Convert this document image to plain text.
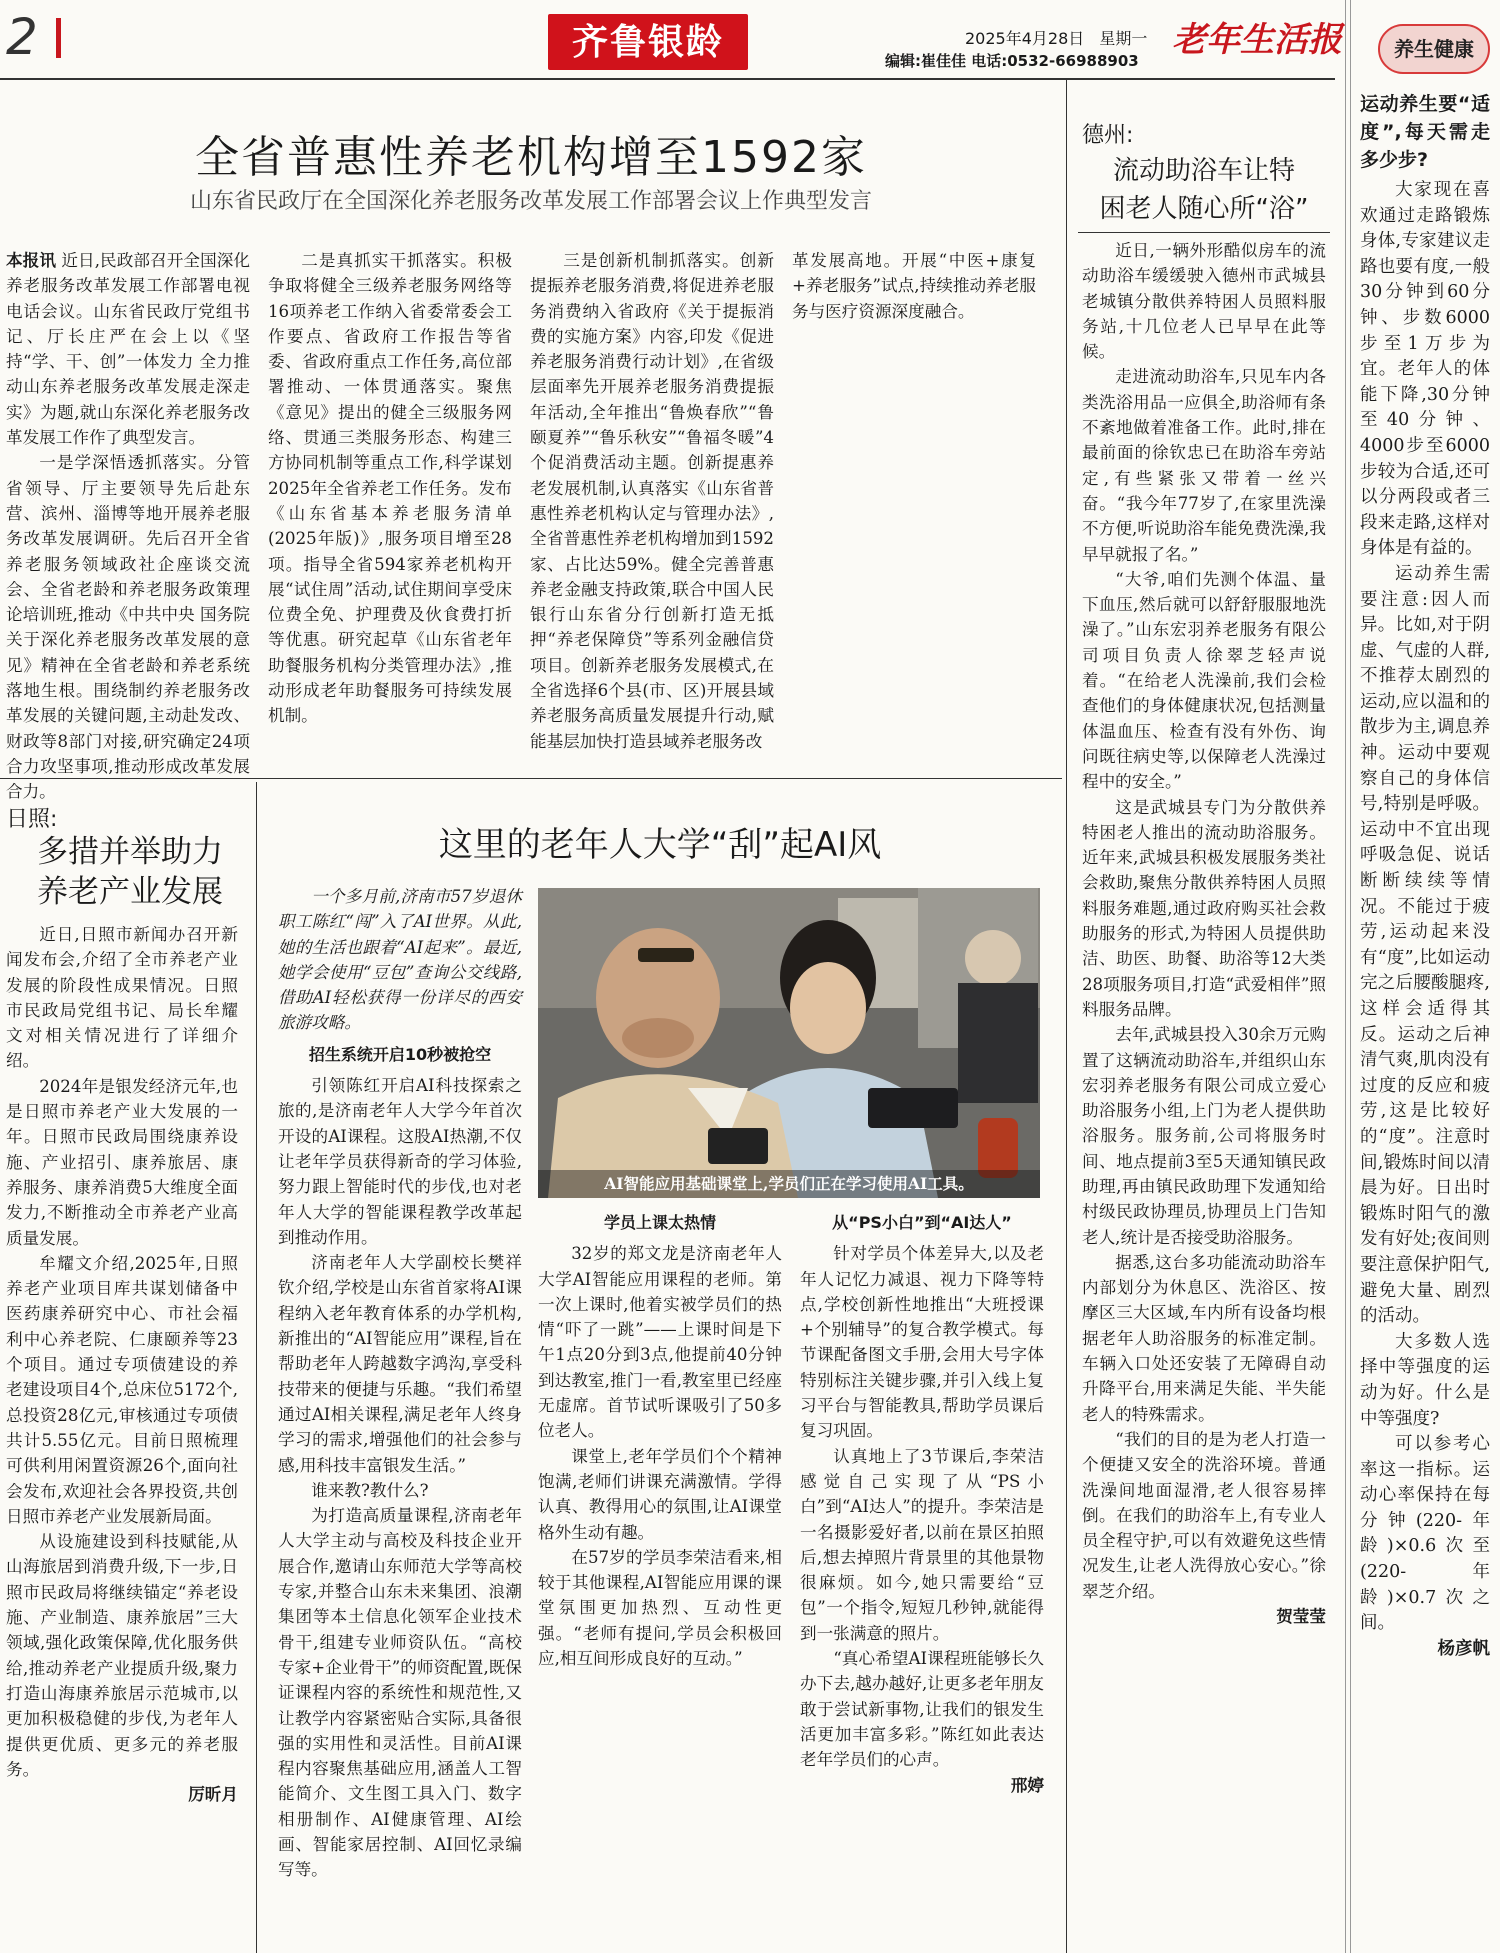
2	齐鲁银龄	2025年4月28日 星期一
编辑:崔佳佳 电话:0532-66988903
老年生活报	养生健康
全省普惠性养老机构增至1592家
山东省民政厅在全国深化养老服务改革发展工作部署会议上作典型发言

本报讯 近日,民政部召开全国深化养老服务改革发展工作部署电视电话会议。山东省民政厅党组书记、厅长庄严在会上以《坚持“学、干、创”一体发力 全力推动山东养老服务改革发展走深走实》为题,就山东深化养老服务改革发展工作作了典型发言。

一是学深悟透抓落实。分管省领导、厅主要领导先后赴东营、滨州、淄博等地开展养老服务改革发展调研。先后召开全省养老服务领域政社企座谈交流会、全省老龄和养老服务政策理论培训班,推动《中共中央 国务院关于深化养老服务改革发展的意见》精神在全省老龄和养老系统落地生根。围绕制约养老服务改革发展的关键问题,主动赴发改、财政等8部门对接,研究确定24项合力攻坚事项,推动形成改革发展合力。

二是真抓实干抓落实。积极争取将健全三级养老服务网络等16项养老工作纳入省委常委会工作要点、省政府工作报告等省委、省政府重点工作任务,高位部署推动、一体贯通落实。聚焦《意见》提出的健全三级服务网络、贯通三类服务形态、构建三方协同机制等重点工作,科学谋划2025年全省养老工作任务。发布《山东省基本养老服务清单(2025年版)》,服务项目增至28项。指导全省594家养老机构开展“试住周”活动,试住期间享受床位费全免、护理费及伙食费打折等优惠。研究起草《山东省老年助餐服务机构分类管理办法》,推动形成老年助餐服务可持续发展机制。

三是创新机制抓落实。创新提振养老服务消费,将促进养老服务消费纳入省政府《关于提振消费的实施方案》内容,印发《促进养老服务消费行动计划》,在省级层面率先开展养老服务消费提振年活动,全年推出“鲁焕春欣”“鲁颐夏养”“鲁乐秋安”“鲁福冬暖”4个促消费活动主题。创新提惠养老发展机制,认真落实《山东省普惠性养老机构认定与管理办法》,全省普惠性养老机构增加到1592家、占比达59%。健全完善普惠养老金融支持政策,联合中国人民银行山东省分行创新打造无抵押“养老保障贷”等系列金融信贷项目。创新养老服务发展模式,在全省选择6个县(市、区)开展县域养老服务高质量发展提升行动,赋能基层加快打造县域养老服务改

革发展高地。开展“中医+康复+养老服务”试点,持续推动养老服务与医疗资源深度融合。

日照:
多措并举助力
养老产业发展

近日,日照市新闻办召开新闻发布会,介绍了全市养老产业发展的阶段性成果情况。日照市民政局党组书记、局长牟耀文对相关情况进行了详细介绍。

2024年是银发经济元年,也是日照市养老产业大发展的一年。日照市民政局围绕康养设施、产业招引、康养旅居、康养服务、康养消费5大维度全面发力,不断推动全市养老产业高质量发展。

牟耀文介绍,2025年,日照养老产业项目库共谋划储备中医药康养研究中心、市社会福利中心养老院、仁康颐养等23个项目。通过专项债建设的养老建设项目4个,总床位5172个,总投资28亿元,审核通过专项债共计5.55亿元。目前日照梳理可供利用闲置资源26个,面向社会发布,欢迎社会各界投资,共创日照市养老产业发展新局面。

从设施建设到科技赋能,从山海旅居到消费升级,下一步,日照市民政局将继续锚定“养老设施、产业制造、康养旅居”三大领域,强化政策保障,优化服务供给,推动养老产业提质升级,聚力打造山海康养旅居示范城市,以更加积极稳健的步伐,为老年人提供更优质、更多元的养老服务。

厉昕月

这里的老年人大学“刮”起AI风

一个多月前,济南市57岁退休职工陈红“闯”入了AI世界。从此,她的生活也跟着“AI起来”。最近,她学会使用“豆包”查询公交线路,借助AI轻松获得一份详尽的西安旅游攻略。

招生系统开启10秒被抢空

引领陈红开启AI科技探索之旅的,是济南老年人大学今年首次开设的AI课程。这股AI热潮,不仅让老年学员获得新奇的学习体验,努力跟上智能时代的步伐,也对老年人大学的智能课程教学改革起到推动作用。

济南老年人大学副校长樊祥钦介绍,学校是山东省首家将AI课程纳入老年教育体系的办学机构,新推出的“AI智能应用”课程,旨在帮助老年人跨越数字鸿沟,享受科技带来的便捷与乐趣。“我们希望通过AI相关课程,满足老年人终身学习的需求,增强他们的社会参与感,用科技丰富银发生活。”

谁来教?教什么?

为打造高质量课程,济南老年人大学主动与高校及科技企业开展合作,邀请山东师范大学等高校专家,并整合山东未来集团、浪潮集团等本土信息化领军企业技术骨干,组建专业师资队伍。“高校专家+企业骨干”的师资配置,既保证课程内容的系统性和规范性,又让教学内容紧密贴合实际,具备很强的实用性和灵活性。目前AI课程内容聚焦基础应用,涵盖人工智能简介、文生图工具入门、数字相册制作、AI健康管理、AI绘画、智能家居控制、AI回忆录编写等。

AI智能应用基础课堂上,学员们正在学习使用AI工具。

学员上课太热情

32岁的郑文龙是济南老年人大学AI智能应用课程的老师。第一次上课时,他着实被学员们的热情“吓了一跳”——上课时间是下午1点20分到3点,他提前40分钟到达教室,推门一看,教室里已经座无虚席。首节试听课吸引了50多位老人。

课堂上,老年学员们个个精神饱满,老师们讲课充满激情。学得认真、教得用心的氛围,让AI课堂格外生动有趣。

在57岁的学员李荣洁看来,相较于其他课程,AI智能应用课的课堂氛围更加热烈、互动性更强。“老师有提问,学员会积极回应,相互间形成良好的互动。”

从“PS小白”到“AI达人”

针对学员个体差异大,以及老年人记忆力减退、视力下降等特点,学校创新性地推出“大班授课+个别辅导”的复合教学模式。每节课配备图文手册,会用大号字体特别标注关键步骤,并引入线上复习平台与智能教具,帮助学员课后复习巩固。

认真地上了3节课后,李荣洁感觉自己实现了从“PS小白”到“AI达人”的提升。李荣洁是一名摄影爱好者,以前在景区拍照后,想去掉照片背景里的其他景物很麻烦。如今,她只需要给“豆包”一个指令,短短几秒钟,就能得到一张满意的照片。

“真心希望AI课程班能够长久办下去,越办越好,让更多老年朋友敢于尝试新事物,让我们的银发生活更加丰富多彩。”陈红如此表达老年学员们的心声。

邢婷

德州:
流动助浴车让特
困老人随心所“浴”

近日,一辆外形酷似房车的流动助浴车缓缓驶入德州市武城县老城镇分散供养特困人员照料服务站,十几位老人已早早在此等候。

走进流动助浴车,只见车内各类洗浴用品一应俱全,助浴师有条不紊地做着准备工作。此时,排在最前面的徐钦忠已在助浴车旁站定,有些紧张又带着一丝兴奋。“我今年77岁了,在家里洗澡不方便,听说助浴车能免费洗澡,我早早就报了名。”

“大爷,咱们先测个体温、量下血压,然后就可以舒舒服服地洗澡了。”山东宏羽养老服务有限公司项目负责人徐翠芝轻声说着。“在给老人洗澡前,我们会检查他们的身体健康状况,包括测量体温血压、检查有没有外伤、询问既往病史等,以保障老人洗澡过程中的安全。”

这是武城县专门为分散供养特困老人推出的流动助浴服务。近年来,武城县积极发展服务类社会救助,聚焦分散供养特困人员照料服务难题,通过政府购买社会救助服务的形式,为特困人员提供助洁、助医、助餐、助浴等12大类28项服务项目,打造“武爱相伴”照料服务品牌。

去年,武城县投入30余万元购置了这辆流动助浴车,并组织山东宏羽养老服务有限公司成立爱心助浴服务小组,上门为老人提供助浴服务。服务前,公司将服务时间、地点提前3至5天通知镇民政助理,再由镇民政助理下发通知给村级民政协理员,协理员上门告知老人,统计是否接受助浴服务。

据悉,这台多功能流动助浴车内部划分为休息区、洗浴区、按摩区三大区域,车内所有设备均根据老年人助浴服务的标准定制。车辆入口处还安装了无障碍自动升降平台,用来满足失能、半失能老人的特殊需求。

“我们的目的是为老人打造一个便捷又安全的洗浴环境。普通洗澡间地面湿滑,老人很容易摔倒。在我们的助浴车上,有专业人员全程守护,可以有效避免这些情况发生,让老人洗得放心安心。”徐翠芝介绍。

贺莹莹

运动养生要“适度”,每天需走多少步?

大家现在喜欢通过走路锻炼身体,专家建议走路也要有度,一般30分钟到60分钟、步数6000步至1万步为宜。老年人的体能下降,30分钟至40分钟、4000步至6000步较为合适,还可以分两段或者三段来走路,这样对身体是有益的。

运动养生需要注意:因人而异。比如,对于阴虚、气虚的人群,不推荐太剧烈的运动,应以温和的散步为主,调息养神。运动中要观察自己的身体信号,特别是呼吸。运动中不宜出现呼吸急促、说话断断续续等情况。不能过于疲劳,运动起来没有“度”,比如运动完之后腰酸腿疼,这样会适得其反。运动之后神清气爽,肌肉没有过度的反应和疲劳,这是比较好的“度”。注意时间,锻炼时间以清晨为好。日出时锻炼时阳气的激发有好处;夜间则要注意保护阳气,避免大量、剧烈的活动。

大多数人选择中等强度的运动为好。什么是中等强度?

可以参考心率这一指标。运动心率保持在每分钟(220-年龄)×0.6次至(220-年龄)×0.7次之间。

杨彦帆
